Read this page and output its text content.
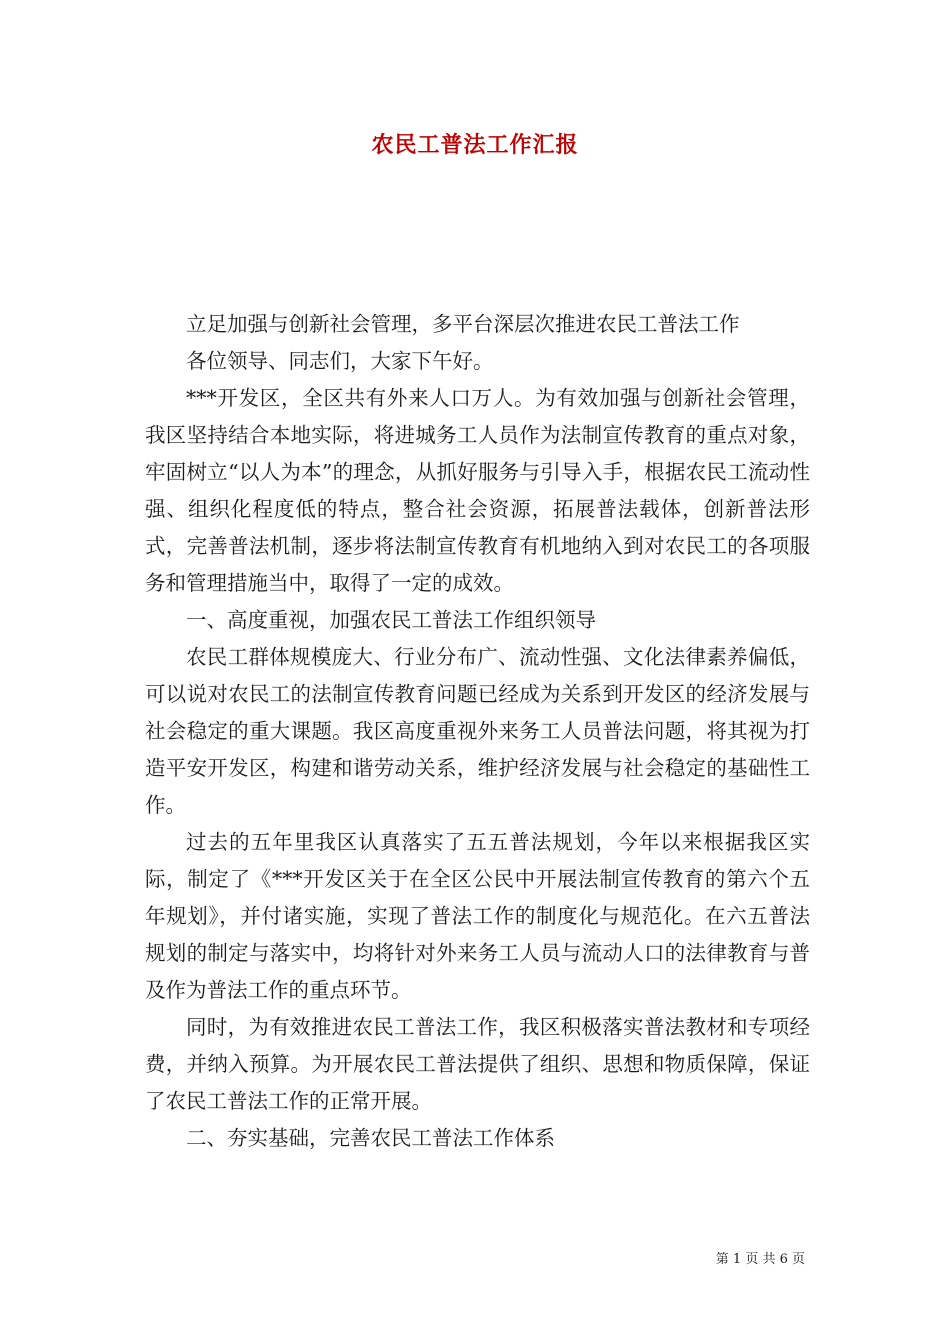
农民工普法工作汇报

立足加强与创新社会管理，多平台深层次推进农民工普法工作

各位领导、同志们，大家下午好。

***开发区，全区共有外来人口万人。为有效加强与创新社会管理，我区坚持结合本地实际，将进城务工人员作为法制宣传教育的重点对象，牢固树立“以人为本”的理念，从抓好服务与引导入手，根据农民工流动性强、组织化程度低的特点，整合社会资源，拓展普法载体，创新普法形式，完善普法机制，逐步将法制宣传教育有机地纳入到对农民工的各项服务和管理措施当中，取得了一定的成效。

一、高度重视，加强农民工普法工作组织领导

农民工群体规模庞大、行业分布广、流动性强、文化法律素养偏低，可以说对农民工的法制宣传教育问题已经成为关系到开发区的经济发展与社会稳定的重大课题。我区高度重视外来务工人员普法问题，将其视为打造平安开发区，构建和谐劳动关系，维护经济发展与社会稳定的基础性工作。

过去的五年里我区认真落实了五五普法规划，今年以来根据我区实际，制定了《***开发区关于在全区公民中开展法制宣传教育的第六个五年规划》，并付诸实施，实现了普法工作的制度化与规范化。在六五普法规划的制定与落实中，均将针对外来务工人员与流动人口的法律教育与普及作为普法工作的重点环节。

同时，为有效推进农民工普法工作，我区积极落实普法教材和专项经费，并纳入预算。为开展农民工普法提供了组织、思想和物质保障，保证了农民工普法工作的正常开展。

二、夯实基础，完善农民工普法工作体系

第 1 页 共 6 页
